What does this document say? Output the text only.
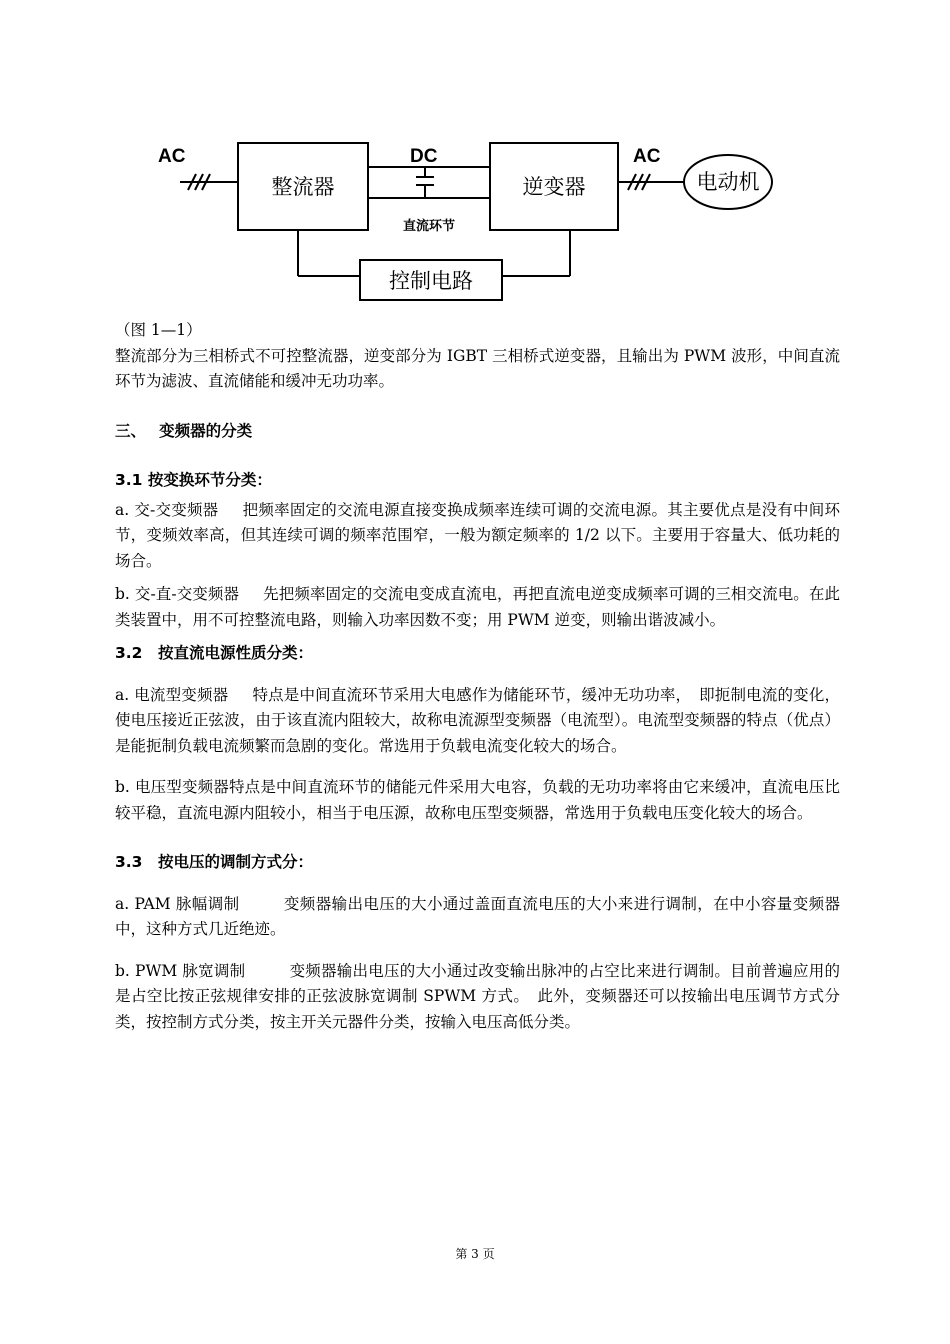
AC	DC	AC
整流器	逆变器	电动机
直流环节
控制电路

（图 1—1）

整流部分为三相桥式不可控整流器，逆变部分为 IGBT 三相桥式逆变器，且输出为 PWM 波形，中间直流环节为滤波、直流储能和缓冲无功功率。

三、　 变频器的分类
3.1 按变换环节分类：

a. 交-交变频器 把频率固定的交流电源直接变换成频率连续可调的交流电源。其主要优点是没有中间环节，变频效率高，但其连续可调的频率范围窄，一般为额定频率的 1/2 以下。主要用于容量大、低功耗的场合。

b. 交-直-交变频器 先把频率固定的交流电变成直流电，再把直流电逆变成频率可调的三相交流电。在此类装置中，用不可控整流电路，则输入功率因数不变；用 PWM 逆变，则输出谐波减小。

3.2　按直流电源性质分类：

a. 电流型变频器 特点是中间直流环节采用大电感作为储能环节，缓冲无功功率，　即扼制电流的变化，使电压接近正弦波，由于该直流内阻较大，故称电流源型变频器（电流型）。电流型变频器的特点（优点）是能扼制负载电流频繁而急剧的变化。常选用于负载电流变化较大的场合。

b. 电压型变频器特点是中间直流环节的储能元件采用大电容，负载的无功功率将由它来缓冲，直流电压比较平稳，直流电源内阻较小，相当于电压源，故称电压型变频器，常选用于负载电压变化较大的场合。

3.3　按电压的调制方式分：

a. PAM 脉幅调制	变频器输出电压的大小通过盖面直流电压的大小来进行调制，在中小容量变频器中，这种方式几近绝迹。

b. PWM 脉宽调制	变频器输出电压的大小通过改变输出脉冲的占空比来进行调制。目前普遍应用的是占空比按正弦规律安排的正弦波脉宽调制 SPWM 方式。　此外，变频器还可以按输出电压调节方式分类，按控制方式分类，按主开关元器件分类，按输入电压高低分类。

第 3 页
